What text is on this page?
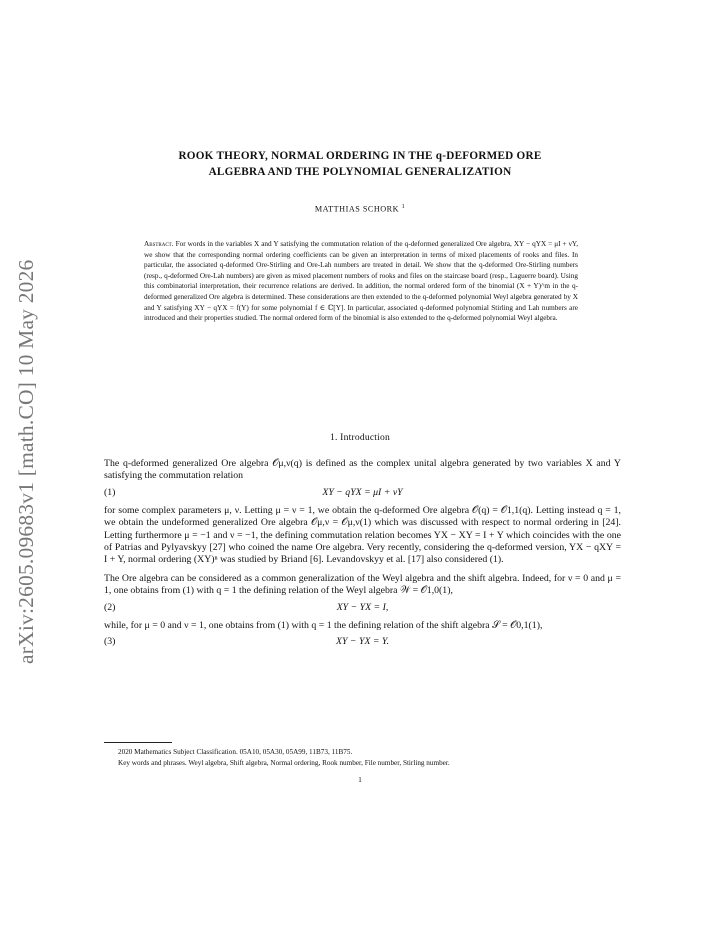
arXiv:2605.09683v1 [math.CO] 10 May 2026
ROOK THEORY, NORMAL ORDERING IN THE q-DEFORMED ORE
ALGEBRA AND THE POLYNOMIAL GENERALIZATION
MATTHIAS SCHORK $^1$

Abstract. For words in the variables X and Y satisfying the commutation relation of the q-deformed generalized Ore algebra, XY − qYX = μI + νY, we show that the corresponding normal ordering coefficients can be given an interpretation in terms of mixed placements of rooks and files. In particular, the associated q-deformed Ore-Stirling and Ore-Lah numbers are treated in detail. We show that the q-deformed Ore-Stirling numbers (resp., q-deformed Ore-Lah numbers) are given as mixed placement numbers of rooks and files on the staircase board (resp., Laguerre board). Using this combinatorial interpretation, their recurrence relations are derived. In addition, the normal ordered form of the binomial (X + Y)^m in the q-deformed generalized Ore algebra is determined. These considerations are then extended to the q-deformed polynomial Weyl algebra generated by X and Y satisfying XY − qYX = f(Y) for some polynomial f ∈ ℂ[Y]. In particular, associated q-deformed polynomial Stirling and Lah numbers are introduced and their properties studied. The normal ordered form of the binomial is also extended to the q-deformed polynomial Weyl algebra.

1. Introduction

The q-deformed generalized Ore algebra 𝒪μ,ν(q) is defined as the complex unital algebra generated by two variables X and Y satisfying the commutation relation

(1)	XY − qYX = μI + νY

for some complex parameters μ, ν. Letting μ = ν = 1, we obtain the q-deformed Ore algebra 𝒪(q) = 𝒪1,1(q). Letting instead q = 1, we obtain the undeformed generalized Ore algebra 𝒪μ,ν = 𝒪μ,ν(1) which was discussed with respect to normal ordering in [24]. Letting furthermore μ = −1 and ν = −1, the defining commutation relation becomes YX − XY = I + Y which coincides with the one of Patrias and Pylyavskyy [27] who coined the name Ore algebra. Very recently, considering the q-deformed version, YX − qXY = I + Y, normal ordering (XY)ⁿ was studied by Briand [6]. Levandovskyy et al. [17] also considered (1).

The Ore algebra can be considered as a common generalization of the Weyl algebra and the shift algebra. Indeed, for ν = 0 and μ = 1, one obtains from (1) with q = 1 the defining relation of the Weyl algebra 𝒲 = 𝒪1,0(1),

(2)	XY − YX = I,

while, for μ = 0 and ν = 1, one obtains from (1) with q = 1 the defining relation of the shift algebra 𝒮 = 𝒪0,1(1),

(3)	XY − YX = Y.

2020 Mathematics Subject Classification. 05A10, 05A30, 05A99, 11B73, 11B75.

Key words and phrases. Weyl algebra, Shift algebra, Normal ordering, Rook number, File number, Stirling number.

1
